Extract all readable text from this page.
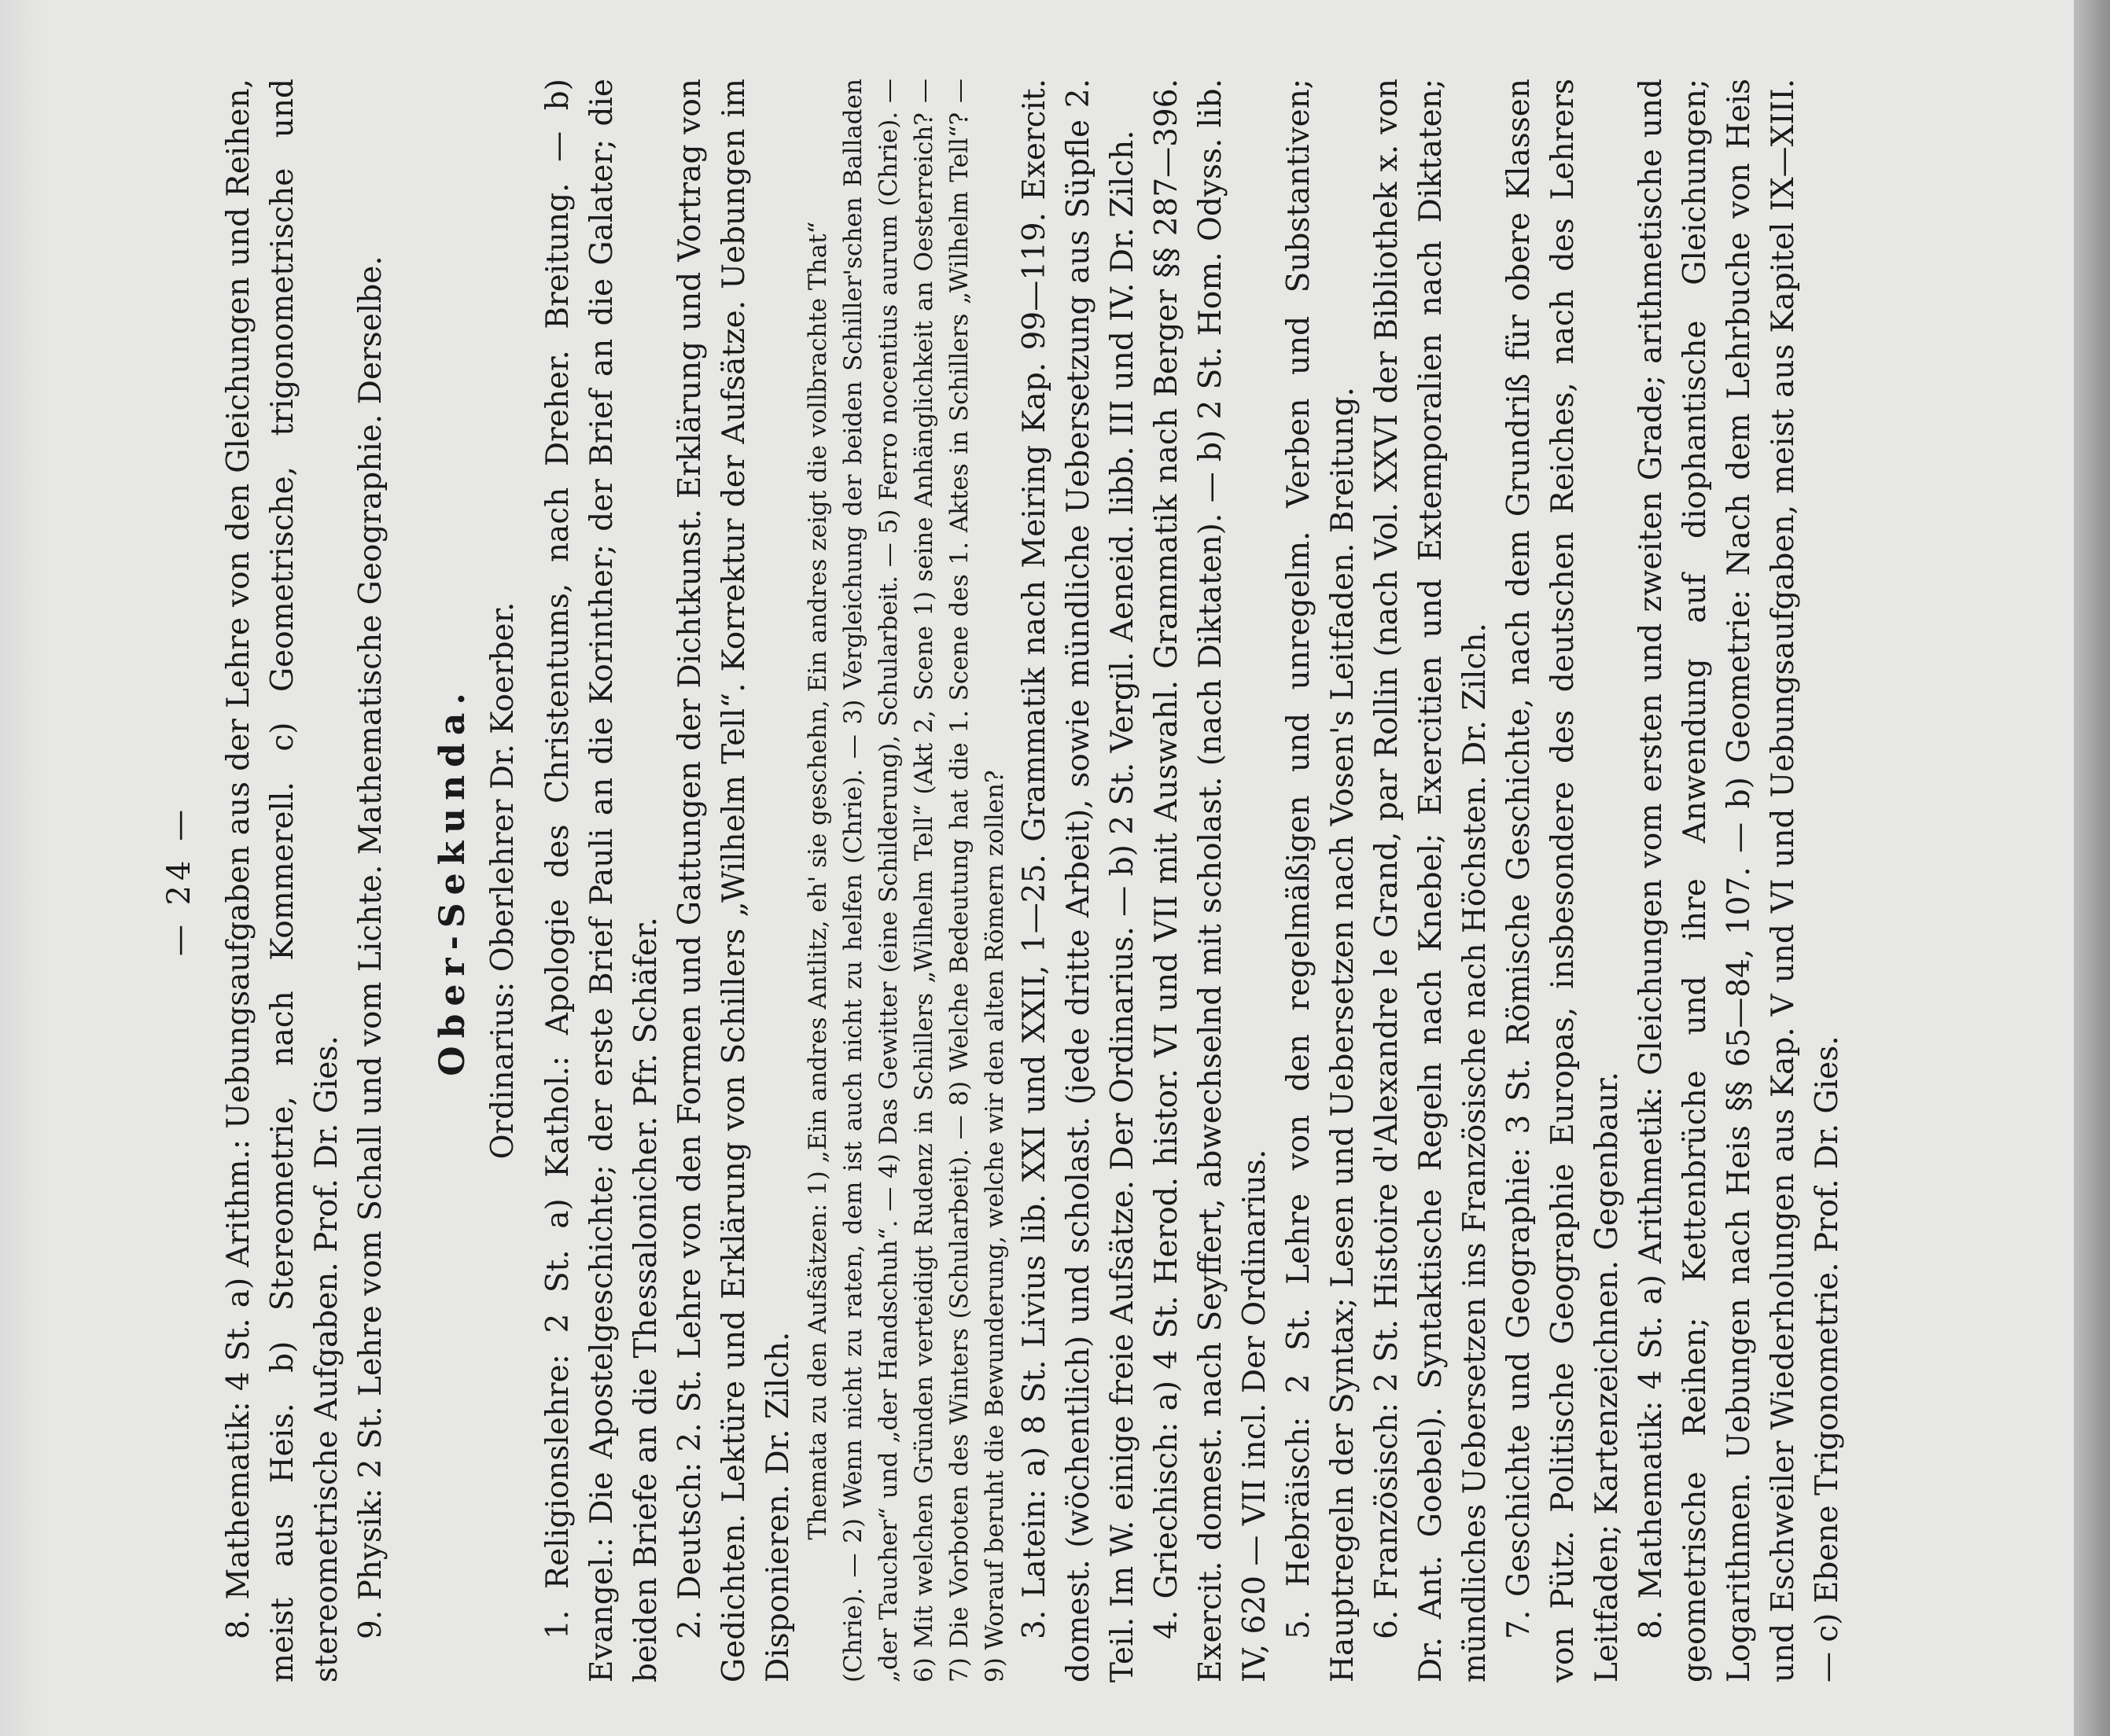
— 24 — 8. Mathematik: 4 St. a) Arithm.: Uebungsaufgaben aus der Lehre von den Gleichungen und Reihen, meist aus Heis. b) Stereometrie, nach Kommerell. c) Geometrische, trigonometrische und stereometrische Aufgaben. Prof. Dr. Gies. 9. Physik: 2 St. Lehre vom Schall und vom Lichte. Mathematische Geographie. Derselbe. Ober-Sekunda. Ordinarius: Oberlehrer Dr. Koerber. 1. Religionslehre: 2 St. a) Kathol.: Apologie des Christentums, nach Dreher. Breitung. — b) Evangel.: Die Apostelgeschichte; der erste Brief Pauli an die Korinther; der Brief an die Galater; die beiden Briefe an die Thessalonicher. Pfr. Schäfer. 2. Deutsch: 2. St. Lehre von den Formen und Gattungen der Dichtkunst. Erklärung und Vortrag von Gedichten. Lektüre und Erklärung von Schillers „Wilhelm Tell“. Korrektur der Aufsätze. Uebungen im Disponieren. Dr. Zilch. Themata zu den Aufsätzen: 1) „Ein andres Antlitz, eh' sie geschehn, Ein andres zeigt die vollbrachte That“ (Chrie). — 2) Wenn nicht zu raten, dem ist auch nicht zu helfen (Chrie). — 3) Vergleichung der beiden Schiller'schen Balladen „der Taucher“ und „der Handschuh“. — 4) Das Gewitter (eine Schilderung), Schularbeit. — 5) Ferro nocentius aurum (Chrie). — 6) Mit welchen Gründen verteidigt Rudenz in Schillers „Wilhelm Tell“ (Akt 2, Scene 1) seine Anhänglichkeit an Oesterreich? — 7) Die Vorboten des Winters (Schularbeit). — 8) Welche Bedeutung hat die 1. Scene des 1. Aktes in Schillers „Wilhelm Tell“? — 9) Worauf beruht die Bewunderung, welche wir den alten Römern zollen? 3. Latein: a) 8 St. Livius lib. XXI und XXII, 1—25. Grammatik nach Meiring Kap. 99—119. Exercit. domest. (wöchentlich) und scholast. (jede dritte Arbeit), sowie mündliche Uebersetzung aus Süpfle 2. Teil. Im W. einige freie Aufsätze. Der Ordinarius. — b) 2 St. Vergil. Aeneid. libb. III und IV. Dr. Zilch. 4. Griechisch: a) 4 St. Herod. histor. VI und VII mit Auswahl. Grammatik nach Berger §§ 287—396. Exercit. domest. nach Seyffert, abwechselnd mit scholast. (nach Diktaten). — b) 2 St. Hom. Odyss. lib. IV, 620 — VII incl. Der Ordinarius. 5. Hebräisch: 2 St. Lehre von den regelmäßigen und unregelm. Verben und Substantiven; Hauptregeln der Syntax; Lesen und Uebersetzen nach Vosen's Leitfaden. Breitung. 6. Französisch: 2 St. Histoire d'Alexandre le Grand, par Rollin (nach Vol. XXVI der Bibliothek x. von Dr. Ant. Goebel). Syntaktische Regeln nach Knebel; Exercitien und Extemporalien nach Diktaten; mündliches Uebersetzen ins Französische nach Höchsten. Dr. Zilch. 7. Geschichte und Geographie: 3 St. Römische Geschichte, nach dem Grundriß für obere Klassen von Pütz. Politische Geographie Europas, insbesondere des deutschen Reiches, nach des Lehrers Leitfaden; Kartenzeichnen. Gegenbaur. 8. Mathematik: 4 St. a) Arithmetik: Gleichungen vom ersten und zweiten Grade; arithmetische und geometrische Reihen; Kettenbrüche und ihre Anwendung auf diophantische Gleichungen; Logarithmen. Uebungen nach Heis §§ 65—84, 107. — b) Geometrie: Nach dem Lehrbuche von Heis und Eschweiler Wiederholungen aus Kap. V und VI und Uebungsaufgaben, meist aus Kapitel IX—XIII. — c) Ebene Trigonometrie. Prof. Dr. Gies.
